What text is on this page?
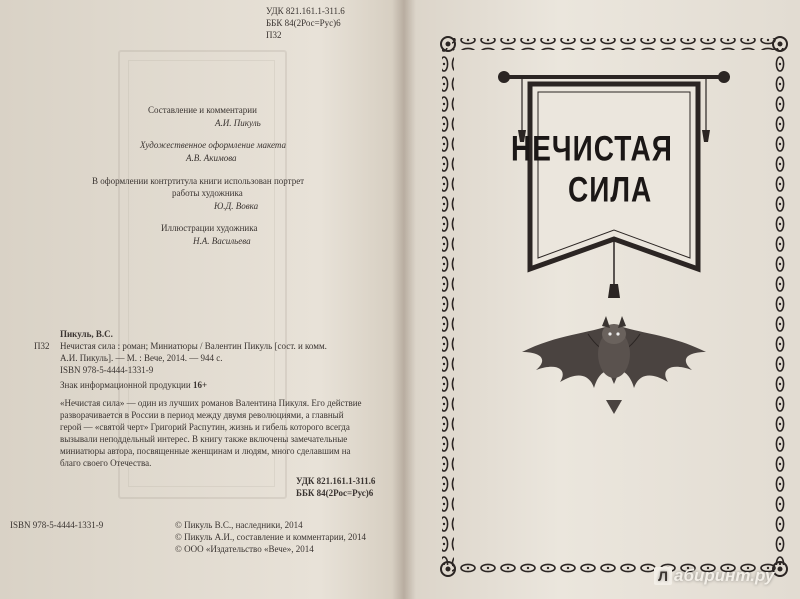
УДК 821.161.1-311.6
ББК 84(2Рос=Рус)6
П32
Составление и комментарии
А.И. Пикуль
Художественное оформление макета
А.В. Акимова
В оформлении контртитула книги использован портрет
работы художника
Ю.Д. Вовка
Иллюстрации художника
Н.А. Васильева
Пикуль, В.С.
П32 Нечистая сила : роман; Миниатюры / Валентин Пикуль [сост. и комм.
А.И. Пикуль]. — М. : Вече, 2014. — 944 с.
ISBN 978-5-4444-1331-9
Знак информационной продукции 16+
«Нечистая сила» — один из лучших романов Валентина Пикуля. Его действие
разворачивается в России в период между двумя революциями, а главный
герой — «святой черт» Григорий Распутин, жизнь и гибель которого всегда
вызывали неподдельный интерес. В книгу также включены замечательные
миниатюры автора, посвященные женщинам и людям, много сделавшим на
благо своего Отечества.
УДК 821.161.1-311.6
ББК 84(2Рос=Рус)6
ISBN 978-5-4444-1331-9	© Пикуль В.С., наследники, 2014
© Пикуль А.И., составление и комментарии, 2014
© ООО «Издательство «Вече», 2014
НЕЧИСТАЯ
СИЛА
Л абиринт.ру
